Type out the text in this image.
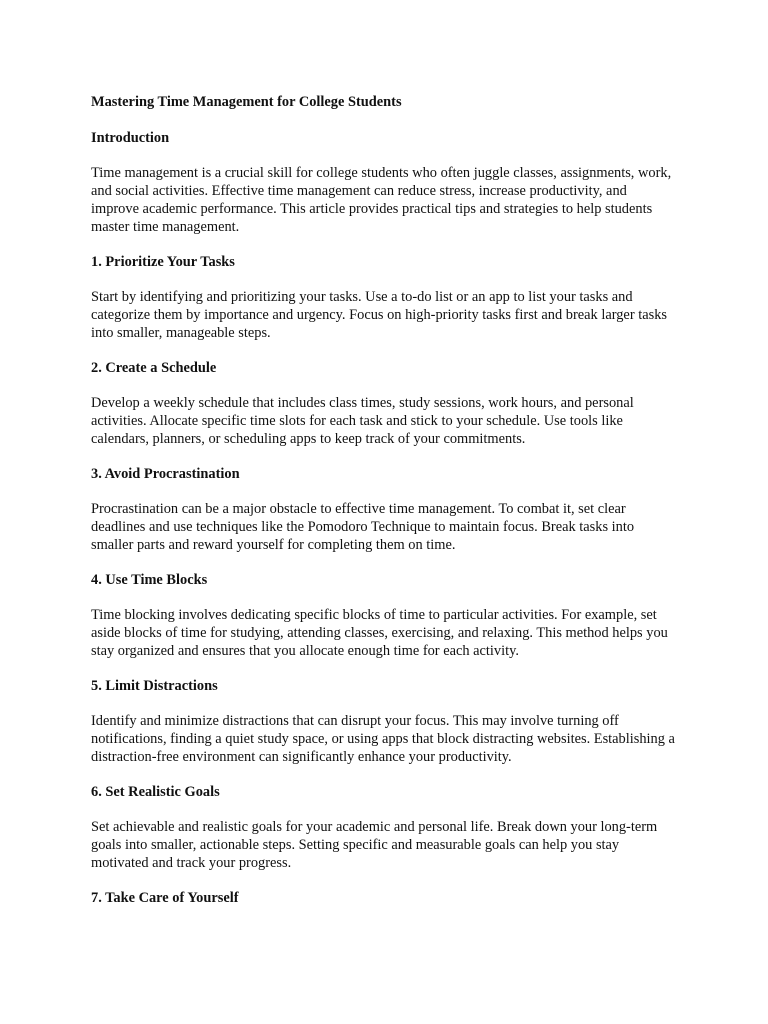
Mastering Time Management for College Students
Introduction
Time management is a crucial skill for college students who often juggle classes, assignments, work, and social activities. Effective time management can reduce stress, increase productivity, and improve academic performance. This article provides practical tips and strategies to help students master time management.
1. Prioritize Your Tasks
Start by identifying and prioritizing your tasks. Use a to-do list or an app to list your tasks and categorize them by importance and urgency. Focus on high-priority tasks first and break larger tasks into smaller, manageable steps.
2. Create a Schedule
Develop a weekly schedule that includes class times, study sessions, work hours, and personal activities. Allocate specific time slots for each task and stick to your schedule. Use tools like calendars, planners, or scheduling apps to keep track of your commitments.
3. Avoid Procrastination
Procrastination can be a major obstacle to effective time management. To combat it, set clear deadlines and use techniques like the Pomodoro Technique to maintain focus. Break tasks into smaller parts and reward yourself for completing them on time.
4. Use Time Blocks
Time blocking involves dedicating specific blocks of time to particular activities. For example, set aside blocks of time for studying, attending classes, exercising, and relaxing. This method helps you stay organized and ensures that you allocate enough time for each activity.
5. Limit Distractions
Identify and minimize distractions that can disrupt your focus. This may involve turning off notifications, finding a quiet study space, or using apps that block distracting websites. Establishing a distraction-free environment can significantly enhance your productivity.
6. Set Realistic Goals
Set achievable and realistic goals for your academic and personal life. Break down your long-term goals into smaller, actionable steps. Setting specific and measurable goals can help you stay motivated and track your progress.
7. Take Care of Yourself
